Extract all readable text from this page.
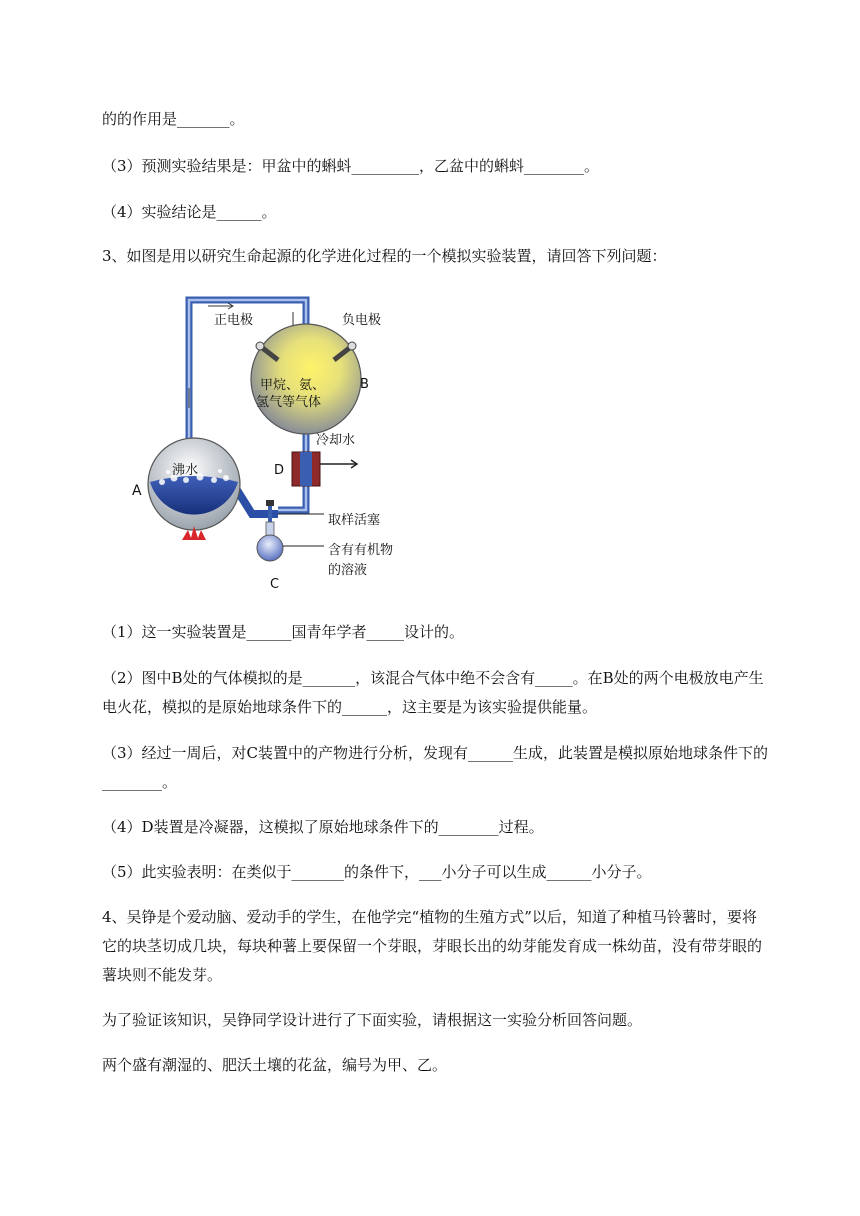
的的作用是_______。
（3）预测实验结果是：甲盆中的蝌蚪_________，乙盆中的蝌蚪________。
（4）实验结论是______。
3、如图是用以研究生命起源的化学进化过程的一个模拟实验装置，请回答下列问题：
正电极	负电极
甲烷、氨、
氢气等气体
B
沸水
A
D
冷却水
取样活塞
含有有机物
的溶液
C
（1）这一实验装置是______国青年学者_____设计的。
（2）图中B处的气体模拟的是_______，该混合气体中绝不会含有_____。在B处的两个电极放电产生
电火花，模拟的是原始地球条件下的______，这主要是为该实验提供能量。
（3）经过一周后，对C装置中的产物进行分析，发现有______生成，此装置是模拟原始地球条件下的
________。
（4）D装置是冷凝器，这模拟了原始地球条件下的________过程。
（5）此实验表明：在类似于_______的条件下，___小分子可以生成______小分子。
4、吴铮是个爱动脑、爱动手的学生，在他学完“植物的生殖方式”以后，知道了种植马铃薯时，要将
它的块茎切成几块，每块种薯上要保留一个芽眼，芽眼长出的幼芽能发育成一株幼苗，没有带芽眼的
薯块则不能发芽。
为了验证该知识，吴铮同学设计进行了下面实验，请根据这一实验分析回答问题。
两个盛有潮湿的、肥沃土壤的花盆，编号为甲、乙。
